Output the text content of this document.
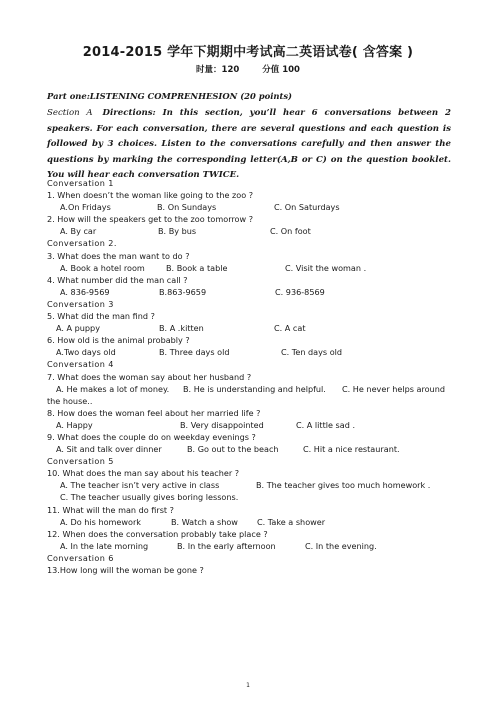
2014-2015 学年下期期中考试高二英语试卷( 含答案 )
时量：120	分值 100
Part one:LISTENING COMPRENHESION (20 points)
Section A Directions: In this section, you’ll hear 6 conversations between 2 speakers. For each conversation, there are several questions and each question is followed by 3 choices. Listen to the conversations carefully and then answer the questions by marking the corresponding letter(A,B or C) on the question booklet. You will hear each conversation TWICE.
Conversation 1
1. When doesn’t the woman like going to the zoo ?
A.On Fridays	B. On Sundays	C. On Saturdays
2. How will the speakers get to the zoo tomorrow ?
A. By car	B. By bus	C. On foot
Conversation 2.
3. What does the man want to do ?
A. Book a hotel room	B. Book a table	C. Visit the woman .
4. What number did the man call ?
A. 836-9569	B.863-9659	C. 936-8569
Conversation 3
5. What did the man find ?
A. A puppy	B. A .kitten	C. A cat
6. How old is the animal probably ?
A.Two days old	B. Three days old	C. Ten days old
Conversation 4
7. What does the woman say about her husband ?
A. He makes a lot of money. B. He is understanding and helpful. C. He never helps around
the house..
8. How does the woman feel about her married life ?
A. Happy	B. Very disappointed	C. A little sad .
9. What does the couple do on weekday evenings ?
A. Sit and talk over dinner	B. Go out to the beach	C. Hit a nice restaurant.
Conversation 5
10. What does the man say about his teacher ?
A. The teacher isn’t very active in class	B. The teacher gives too much homework .
C. The teacher usually gives boring lessons.
11. What will the man do first ?
A. Do his homework	B. Watch a show C. Take a shower
12. When does the conversation probably take place ?
A. In the late morning	B. In the early afternoon	C. In the evening.
Conversation 6
13.How long will the woman be gone ?
1
